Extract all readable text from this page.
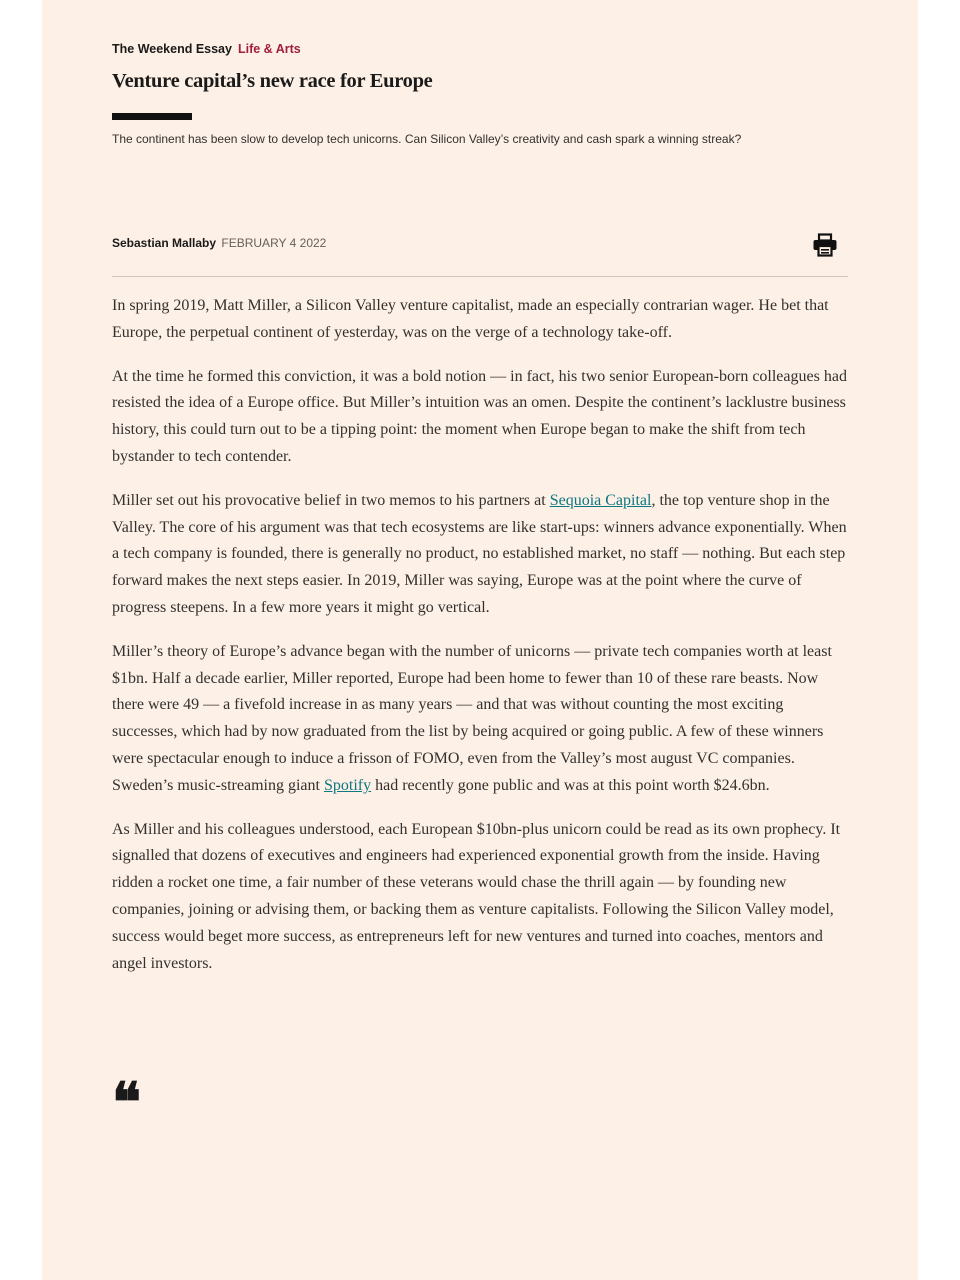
The Weekend Essay Life & Arts
Venture capital’s new race for Europe
The continent has been slow to develop tech unicorns. Can Silicon Valley’s creativity and cash spark a winning streak?
Sebastian Mallaby FEBRUARY 4 2022

In spring 2019, Matt Miller, a Silicon Valley venture capitalist, made an especially contrarian wager. He bet that Europe, the perpetual continent of yesterday, was on the verge of a technology take-off.

At the time he formed this conviction, it was a bold notion — in fact, his two senior European-born colleagues had resisted the idea of a Europe office. But Miller’s intuition was an omen. Despite the continent’s lacklustre business history, this could turn out to be a tipping point: the moment when Europe began to make the shift from tech bystander to tech contender.

Miller set out his provocative belief in two memos to his partners at Sequoia Capital, the top venture shop in the Valley. The core of his argument was that tech ecosystems are like start-ups: winners advance exponentially. When a tech company is founded, there is generally no product, no established market, no staff — nothing. But each step forward makes the next steps easier. In 2019, Miller was saying, Europe was at the point where the curve of progress steepens. In a few more years it might go vertical.

Miller’s theory of Europe’s advance began with the number of unicorns — private tech companies worth at least $1bn. Half a decade earlier, Miller reported, Europe had been home to fewer than 10 of these rare beasts. Now there were 49 — a fivefold increase in as many years — and that was without counting the most exciting successes, which had by now graduated from the list by being acquired or going public. A few of these winners were spectacular enough to induce a frisson of FOMO, even from the Valley’s most august VC companies. Sweden’s music-streaming giant Spotify had recently gone public and was at this point worth $24.6bn.

As Miller and his colleagues understood, each European $10bn-plus unicorn could be read as its own prophecy. It signalled that dozens of executives and engineers had experienced exponential growth from the inside. Having ridden a rocket one time, a fair number of these veterans would chase the thrill again — by founding new companies, joining or advising them, or backing them as venture capitalists. Following the Silicon Valley model, success would beget more success, as entrepreneurs left for new ventures and turned into coaches, mentors and angel investors.

❝
